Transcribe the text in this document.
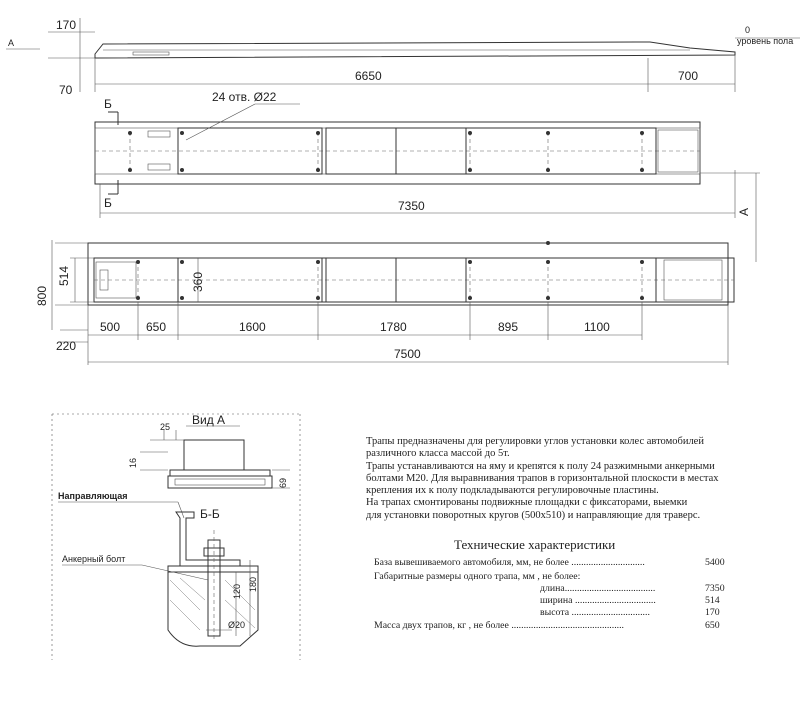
170
70
А
0
уровень пола
6650	700
24 отв. Ø22
Б
Б	7350	А
514
800
360
220
500 650	1600	1780	895	1100
7500
Вид А
25
16
69
Направляющая
Б-Б
Анкерный болт
120 180
Ø20

Трапы предназначены для регулировки углов установки колес автомобилей

различного класса массой до 5т.

Трапы устанавливаются на яму и крепятся к полу 24 разжимными анкерными

болтами М20. Для выравнивания трапов в горизонтальной плоскости в местах

крепления их к полу подкладываются регулировочные пластины.

На трапах смонтированы подвижные площадки с фиксаторами, выемки

для установки поворотных кругов (500х510) и направляющие для траверс.

Технические характеристики
База вывешиваемого автомобиля, мм, не более ..............................	5400
Габаритные размеры одного трапа, мм , не более:
длина.....................................	7350
ширина .................................	514
высота ................................	170
Масса двух трапов, кг , не более ..............................................	650
